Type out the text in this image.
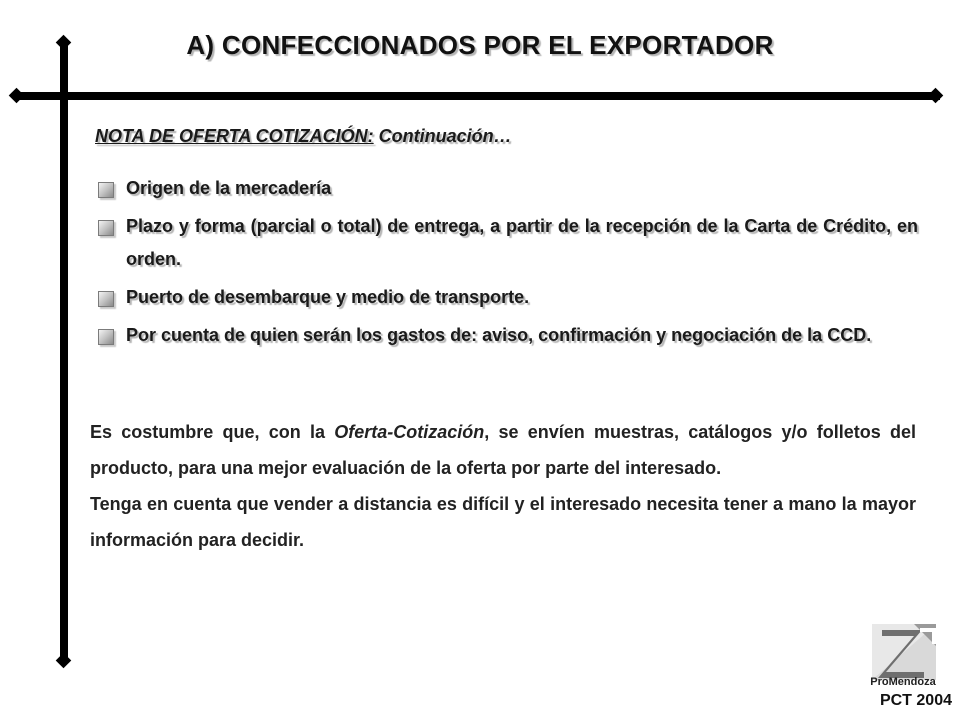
A) CONFECCIONADOS POR EL EXPORTADOR
NOTA DE OFERTA COTIZACIÓN: Continuación…
Origen de la mercadería
Plazo y forma (parcial o total) de entrega, a partir de la recepción de la Carta de Crédito, en orden.
Puerto de desembarque y medio de transporte.
Por cuenta de quien serán los gastos de: aviso, confirmación y negociación de la CCD.

Es costumbre que, con la Oferta-Cotización, se envíen muestras, catálogos y/o folletos del producto, para una mejor evaluación de la oferta por parte del interesado.

Tenga en cuenta que vender a distancia es difícil y el interesado necesita tener a mano la mayor información para decidir.

ProMendoza
PCT 2004
